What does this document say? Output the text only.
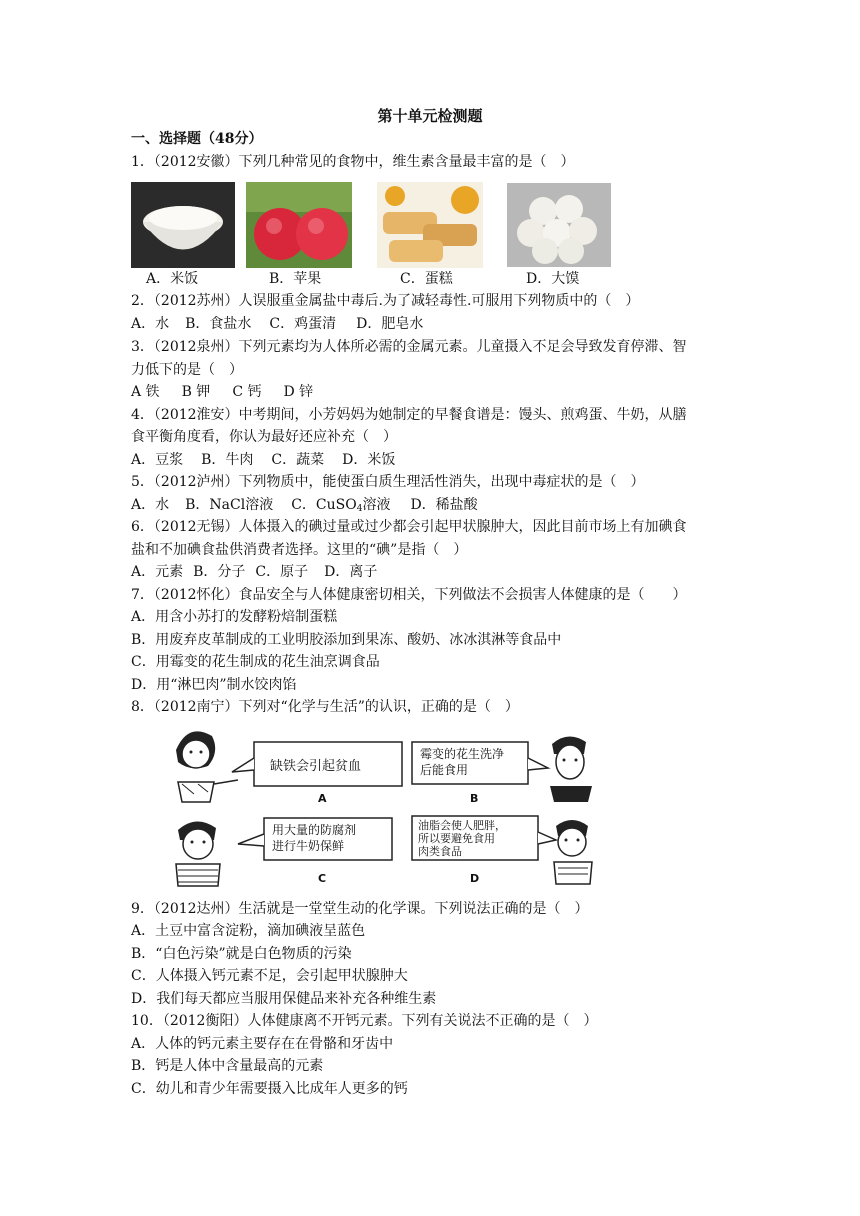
第十单元检测题
一、选择题（48分）
1．（2012安徽）下列几种常见的食物中，维生素含量最丰富的是（　）
A．米饭	B．苹果	C．蛋糕	D．大馍
2．（2012苏州）人误服重金属盐中毒后.为了减轻毒性.可服用下列物质中的（　）
A．水 B．食盐水 C．鸡蛋清 D．肥皂水
3．（2012泉州）下列元素均为人体所必需的金属元素。儿童摄入不足会导致发育停滞、智
力低下的是（　）
A 铁 B 钾 C 钙 D 锌
4．（2012淮安）中考期间，小芳妈妈为她制定的早餐食谱是：馒头、煎鸡蛋、牛奶，从膳
食平衡角度看，你认为最好还应补充（　）
A．豆浆 B．牛肉 C．蔬菜 D．米饭
5．（2012泸州）下列物质中，能使蛋白质生理活性消失，出现中毒症状的是（　）
A．水 B．NaCl溶液 C．CuSO$_4$溶液 D．稀盐酸
6．（2012无锡）人体摄入的碘过量或过少都会引起甲状腺肿大，因此目前市场上有加碘食
盐和不加碘食盐供消费者选择。这里的“碘”是指（　）
A．元素 B．分子 C．原子 D．离子
7．（2012怀化）食品安全与人体健康密切相关，下列做法不会损害人体健康的是（　　）
A．用含小苏打的发酵粉焙制蛋糕
B．用废弃皮革制成的工业明胶添加到果冻、酸奶、冰冰淇淋等食品中
C．用霉变的花生制成的花生油烹调食品
D．用“淋巴肉”制水饺肉馅
8．（2012南宁）下列对“化学与生活”的认识，正确的是（　）
缺铁会引起贫血
霉变的花生洗净
后能食用
用大量的防腐剂
进行牛奶保鲜
油脂会使人肥胖，
所以要避免食用
肉类食品
A	B
C	D
9．（2012达州）生活就是一堂堂生动的化学课。下列说法正确的是（　）
A．土豆中富含淀粉，滴加碘液呈蓝色
B．“白色污染”就是白色物质的污染
C．人体摄入钙元素不足，会引起甲状腺肿大
D．我们每天都应当服用保健品来补充各种维生素
10．（2012衡阳）人体健康离不开钙元素。下列有关说法不正确的是（　）
A．人体的钙元素主要存在在骨骼和牙齿中
B．钙是人体中含量最高的元素
C．幼儿和青少年需要摄入比成年人更多的钙
